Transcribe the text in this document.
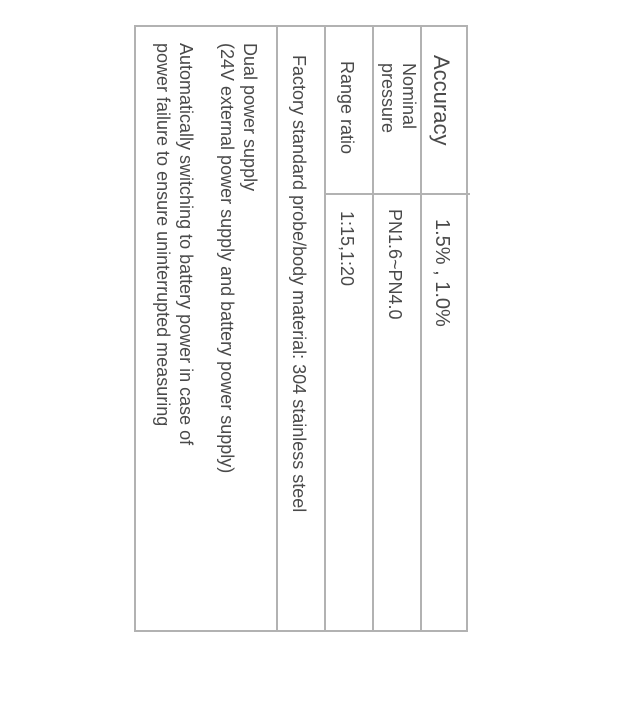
Accuracy
1.5% , 1.0%
Nominal
pressure
PN1.6~PN4.0
Range ratio
1:15,1:20
Factory standard probe/body material: 304 stainless steel
Dual power supply
(24V external power supply and battery power supply)
Automatically switching to battery power in case of
power failure to ensure uninterrupted measuring
